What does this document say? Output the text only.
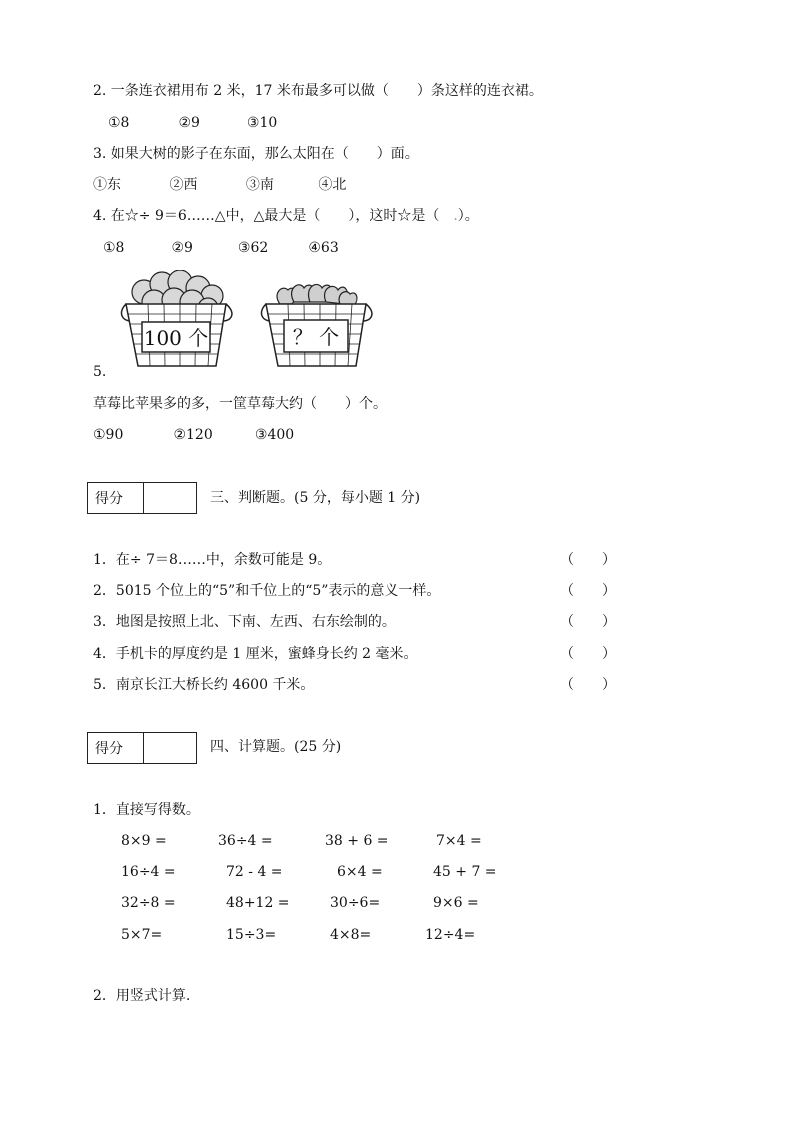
2. 一条连衣裙用布 2 米，17 米布最多可以做（　　）条这样的连衣裙。
①8	②9	③10
3. 如果大树的影子在东面，那么太阳在（　　）面。
①东	②西	③南	④北
4. 在☆÷ 9＝6……△中，△最大是（　　），这时☆是（　.）。
①8	②9	③62	④63
100 个	？ 个
5.
草莓比苹果多的多，一筐草莓大约（　　）个。
①90	②120	③400
得分	三、判断题。(5 分，每小题 1 分)
1．在÷ 7＝8……中，余数可能是 9。	（　　）
2．5015 个位上的“5”和千位上的“5”表示的意义一样。	（　　）
3．地图是按照上北、下南、左西、右东绘制的。	（　　）
4．手机卡的厚度约是 1 厘米，蜜蜂身长约 2 毫米。	（　　）
5．南京长江大桥长约 4600 千米。	（　　）
得分	四、计算题。(25 分)
1．直接写得数。
8×9 =	36÷4 =	38 + 6 =	7×4 =
16÷4 =	72 - 4 =	6×4 =	45 + 7 =
32÷8 =	48+12 =	30÷6=	9×6 =
5×7=	15÷3=	4×8=	12÷4=
2．用竖式计算.
